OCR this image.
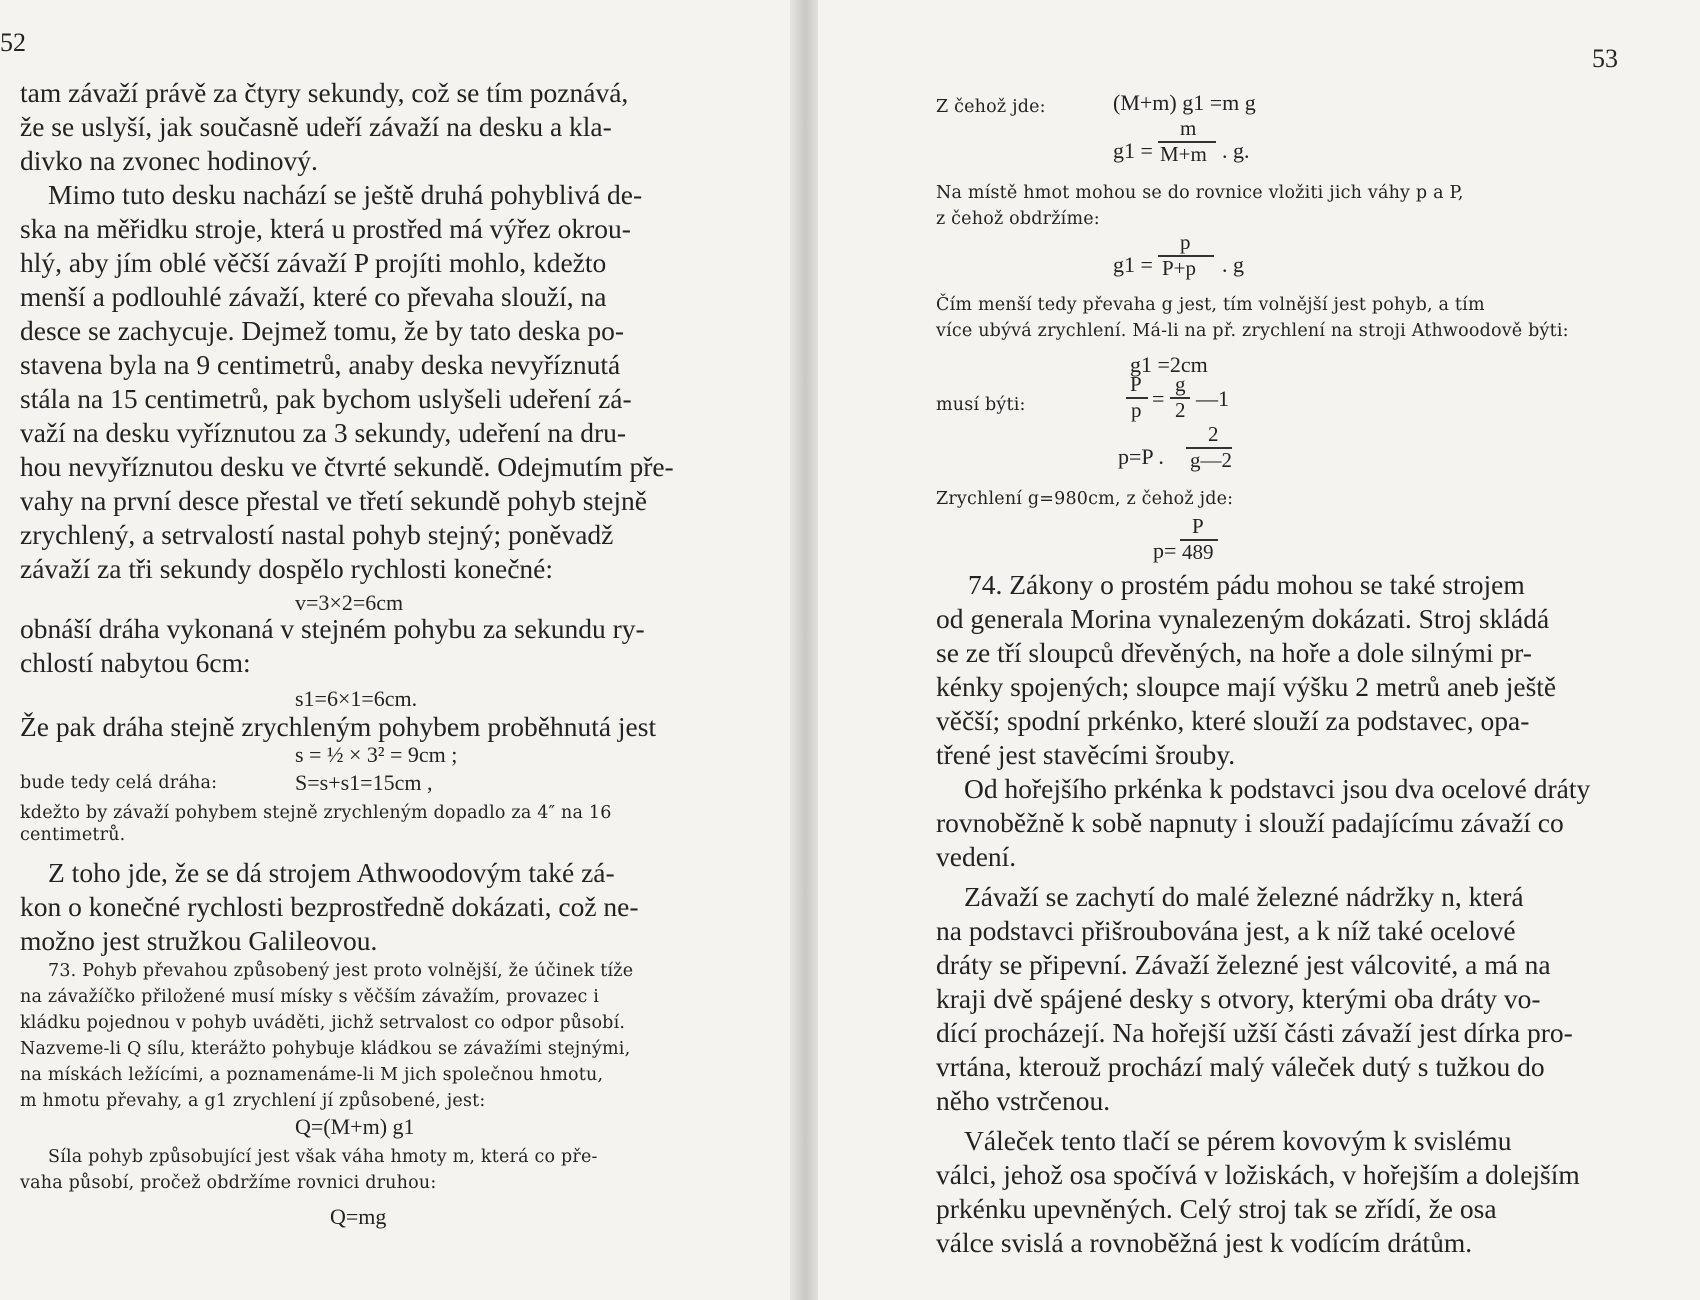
52
tam závaží právě za čtyry sekundy, což se tím poznává,
že se uslyší, jak současně udeří závaží na desku a kla-
divko na zvonec hodinový.
Mimo tuto desku nachází se ještě druhá pohyblivá de-
ska na měřidku stroje, která u prostřed má výřez okrou-
hlý, aby jím oblé věčší závaží P projíti mohlo, kdežto
menší a podlouhlé závaží, které co převaha slouží, na
desce se zachycuje. Dejmež tomu, že by tato deska po-
stavena byla na 9 centimetrů, anaby deska nevyříznutá
stála na 15 centimetrů, pak bychom uslyšeli udeření zá-
važí na desku vyříznutou za 3 sekundy, udeření na dru-
hou nevyříznutou desku ve čtvrté sekundě. Odejmutím pře-
vahy na první desce přestal ve třetí sekundě pohyb stejně
zrychlený, a setrvalostí nastal pohyb stejný; poněvadž
závaží za tři sekundy dospělo rychlosti konečné:
v=3×2=6cm
obnáší dráha vykonaná v stejném pohybu za sekundu ry-
chlostí nabytou 6cm:
s1=6×1=6cm.
Že pak dráha stejně zrychleným pohybem proběhnutá jest
s = ½ × 3² = 9cm ;
bude tedy celá dráha:	S=s+s1=15cm ,
kdežto by závaží pohybem stejně zrychleným dopadlo za 4″ na 16
centimetrů.
Z toho jde, že se dá strojem Athwoodovým také zá-
kon o konečné rychlosti bezprostředně dokázati, což ne-
možno jest stružkou Galileovou.
73. Pohyb převahou způsobený jest proto volnější, že účinek tíže
na závažíčko přiložené musí mísky s věčším závažím, provazec i
kládku pojednou v pohyb uváděti, jichž setrvalost co odpor působí.
Nazveme-li Q sílu, kterážto pohybuje kládkou se závažími stejnými,
na mískách ležícími, a poznamenáme-li M jich společnou hmotu,
m hmotu převahy, a g1 zrychlení jí způsobené, jest:
Q=(M+m) g1
Síla pohyb způsobující jest však váha hmoty m, která co pře-
vaha působí, pročež obdržíme rovnici druhou:
Q=mg
53
Z čehož jde:	(M+m) g1 =m g
g1 =
m
M+m . g.
Na místě hmot mohou se do rovnice vložiti jich váhy p a P,
z čehož obdržíme:
g1 =
p
P+p . g
Čím menší tedy převaha g jest, tím volnější jest pohyb, a tím
více ubývá zrychlení. Má-li na př. zrychlení na stroji Athwoodově býti:
g1 =2cm
musí býti:
P
p =
g
2 —1
p=P .
2
g—2
Zrychlení g=980cm, z čehož jde:
p=
P
489
74. Zákony o prostém pádu mohou se také strojem
od generala Morina vynalezeným dokázati. Stroj skládá
se ze tří sloupců dřevěných, na hoře a dole silnými pr-
kénky spojených; sloupce mají výšku 2 metrů aneb ještě
věčší; spodní prkénko, které slouží za podstavec, opa-
třené jest stavěcími šrouby.
Od hořejšího prkénka k podstavci jsou dva ocelové dráty
rovnoběžně k sobě napnuty i slouží padajícímu závaží co
vedení.
Závaží se zachytí do malé železné nádržky n, která
na podstavci přišroubována jest, a k níž také ocelové
dráty se připevní. Závaží železné jest válcovité, a má na
kraji dvě spájené desky s otvory, kterými oba dráty vo-
dící procházejí. Na hořejší užší části závaží jest dírka pro-
vrtána, kterouž prochází malý váleček dutý s tužkou do
něho vstrčenou.
Váleček tento tlačí se pérem kovovým k svislému
válci, jehož osa spočívá v ložiskách, v hořejším a dolejším
prkénku upevněných. Celý stroj tak se zřídí, že osa
válce svislá a rovnoběžná jest k vodícím drátům.
